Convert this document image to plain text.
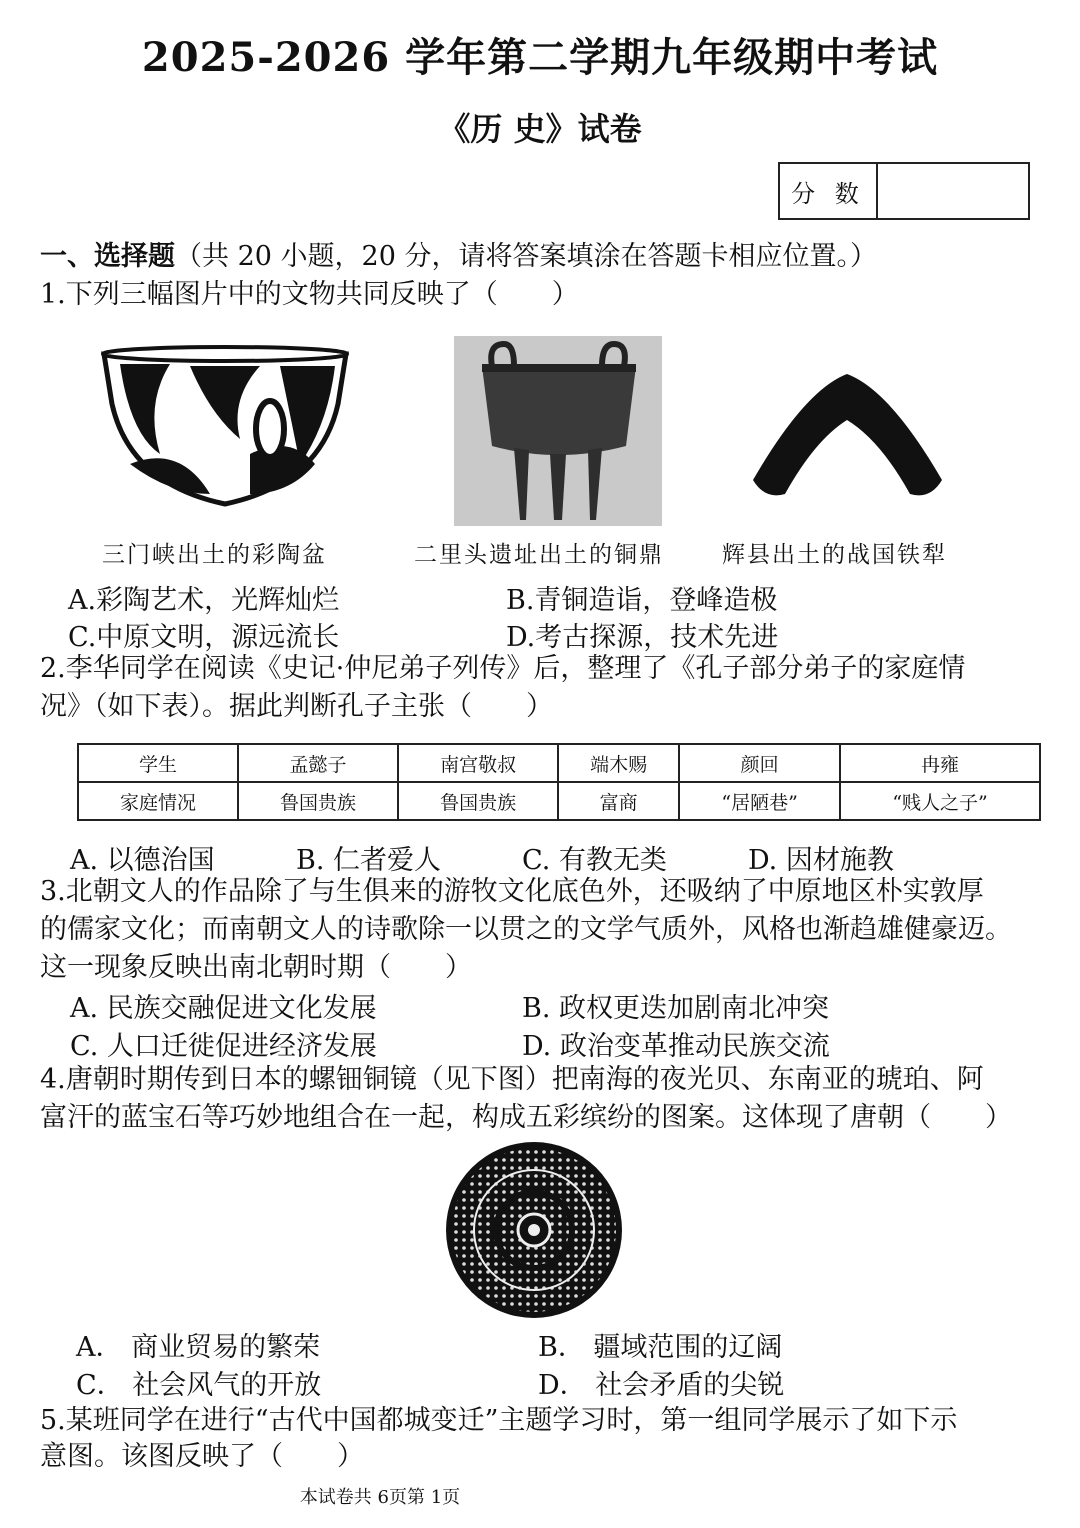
2025-2026 学年第二学期九年级期中考试
《历 史》试卷
分 数
一、选择题（共 20 小题，20 分，请将答案填涂在答题卡相应位置。）
1.下列三幅图片中的文物共同反映了（　　）
三门峡出土的彩陶盆	二里头遗址出土的铜鼎	辉县出土的战国铁犁
A.彩陶艺术，光辉灿烂	B.青铜造诣，登峰造极
C.中原文明，源远流长	D.考古探源，技术先进
2.李华同学在阅读《史记·仲尼弟子列传》后，整理了《孔子部分弟子的家庭情
况》（如下表）。据此判断孔子主张（　　）
学生	孟懿子	南宫敬叔	端木赐	颜回	冉雍
家庭情况	鲁国贵族	鲁国贵族	富商	“居陋巷”	“贱人之子”
A. 以德治国	B. 仁者爱人	C. 有教无类	D. 因材施教
3.北朝文人的作品除了与生俱来的游牧文化底色外，还吸纳了中原地区朴实敦厚
的儒家文化；而南朝文人的诗歌除一以贯之的文学气质外，风格也渐趋雄健豪迈。
这一现象反映出南北朝时期（　　）
A. 民族交融促进文化发展	B. 政权更迭加剧南北冲突
C. 人口迁徙促进经济发展	D. 政治变革推动民族交流
4.唐朝时期传到日本的螺钿铜镜（见下图）把南海的夜光贝、东南亚的琥珀、阿
富汗的蓝宝石等巧妙地组合在一起，构成五彩缤纷的图案。这体现了唐朝（　　）
A． 商业贸易的繁荣	B． 疆域范围的辽阔
C． 社会风气的开放	D． 社会矛盾的尖锐
5.某班同学在进行“古代中国都城变迁”主题学习时，第一组同学展示了如下示
意图。该图反映了（　　）
本试卷共 6页第 1页
